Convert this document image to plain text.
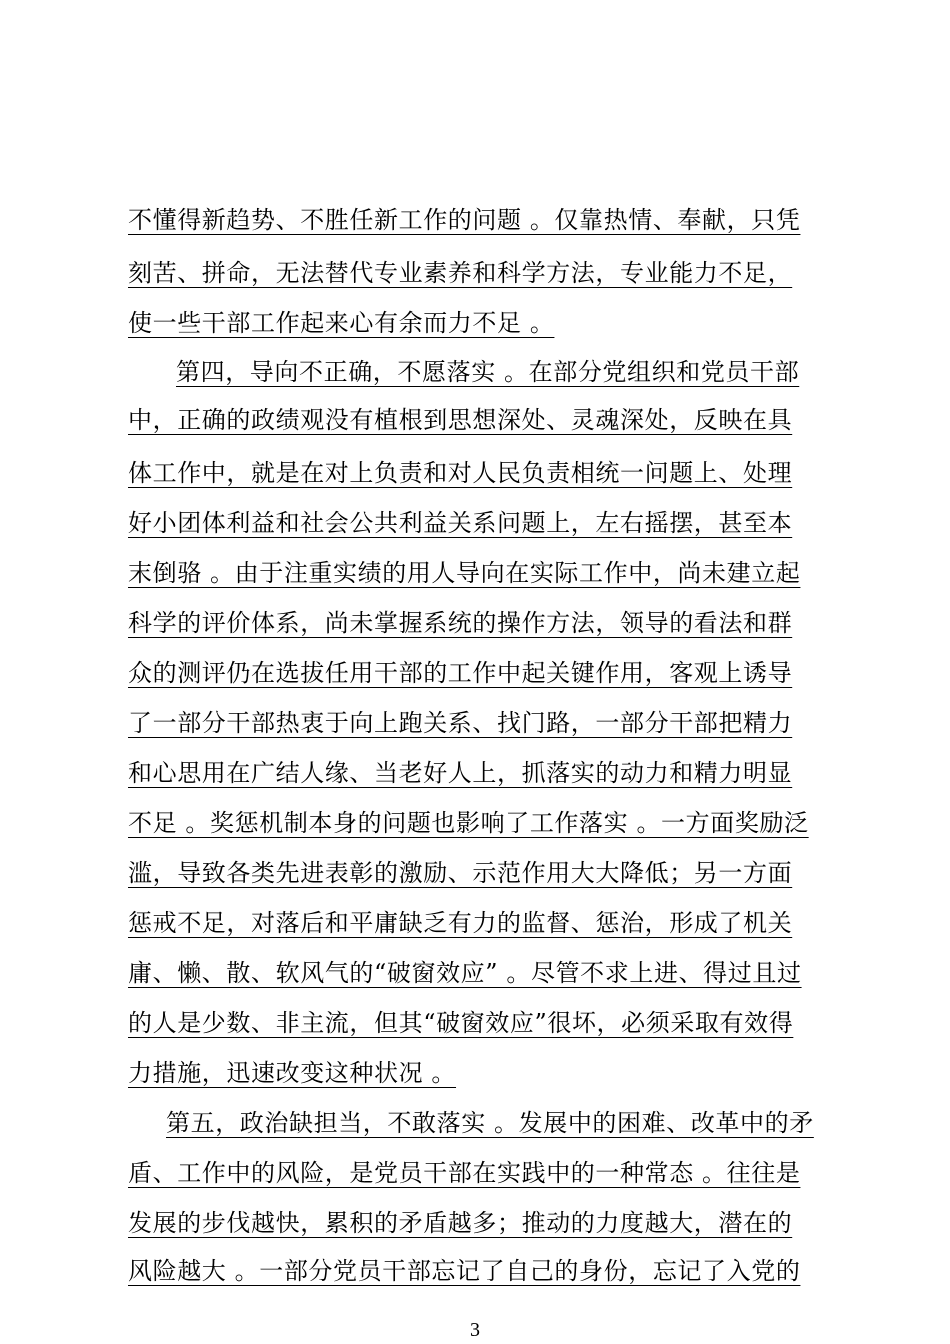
不懂得新趋势、不胜任新工作的问题 。仅靠热情、奉献，只凭
刻苦、拼命，无法替代专业素养和科学方法，专业能力不足，
使一些干部工作起来心有余而力不足 。
第四，导向不正确，不愿落实 。在部分党组织和党员干部
中，正确的政绩观没有植根到思想深处、灵魂深处，反映在具
体工作中，就是在对上负责和对人民负责相统一问题上、处理
好小团体利益和社会公共利益关系问题上，左右摇摆，甚至本
末倒骆 。由于注重实绩的用人导向在实际工作中，尚未建立起
科学的评价体系，尚未掌握系统的操作方法，领导的看法和群
众的测评仍在选拔任用干部的工作中起关键作用，客观上诱导
了一部分干部热衷于向上跑关系、找门路，一部分干部把精力
和心思用在广结人缘、当老好人上，抓落实的动力和精力明显
不足 。奖惩机制本身的问题也影响了工作落实 。一方面奖励泛
滥，导致各类先进表彰的激励、示范作用大大降低；另一方面
惩戒不足，对落后和平庸缺乏有力的监督、惩治，形成了机关
庸、懒、散、软风气的“破窗效应” 。尽管不求上进、得过且过
的人是少数、非主流，但其“破窗效应”很坏，必须采取有效得
力措施，迅速改变这种状况 。
第五，政治缺担当，不敢落实 。发展中的困难、改革中的矛
盾、工作中的风险，是党员干部在实践中的一种常态 。往往是
发展的步伐越快，累积的矛盾越多；推动的力度越大，潜在的
风险越大 。一部分党员干部忘记了自己的身份，忘记了入党的
3
